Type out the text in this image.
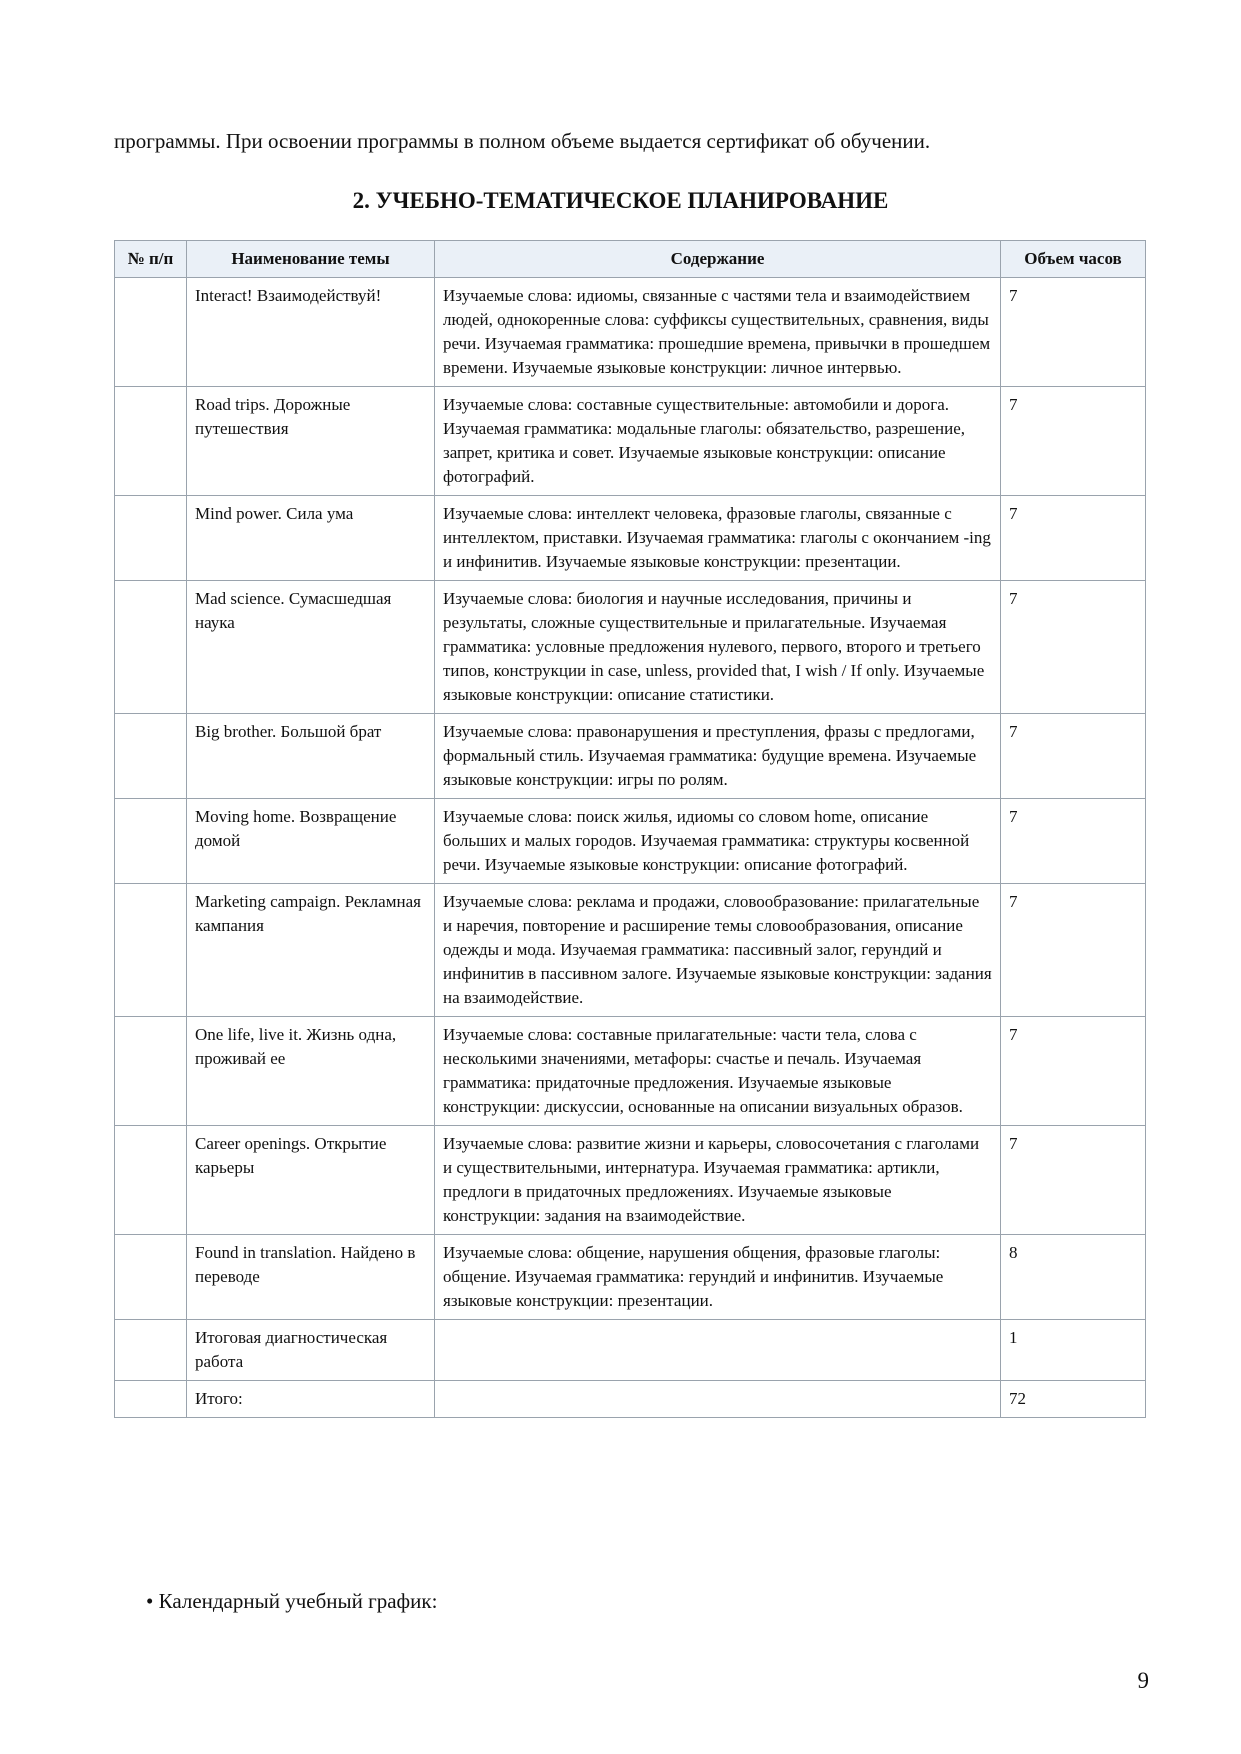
программы. При освоении программы в полном объеме выдается сертификат об обучении.
2. УЧЕБНО-ТЕМАТИЧЕСКОЕ ПЛАНИРОВАНИЕ
№ п/п	Наименование темы	Содержание	Объем часов
	Interact! Взаимодействуй!	Изучаемые слова: идиомы, связанные с частями тела и взаимодействием людей, однокоренные слова: суффиксы существительных, сравнения, виды речи. Изучаемая грамматика: прошедшие времена, привычки в прошедшем времени. Изучаемые языковые конструкции: личное интервью.	7
	Road trips. Дорожные путешествия	Изучаемые слова: составные существительные: автомобили и дорога. Изучаемая грамматика: модальные глаголы: обязательство, разрешение, запрет, критика и совет. Изучаемые языковые конструкции: описание фотографий.	7
	Mind power. Сила ума	Изучаемые слова: интеллект человека, фразовые глаголы, связанные с интеллектом, приставки. Изучаемая грамматика: глаголы с окончанием -ing и инфинитив. Изучаемые языковые конструкции: презентации.	7
	Mad science. Сумасшедшая наука	Изучаемые слова: биология и научные исследования, причины и результаты, сложные существительные и прилагательные. Изучаемая грамматика: условные предложения нулевого, первого, второго и третьего типов, конструкции in case, unless, provided that, I wish / If only. Изучаемые языковые конструкции: описание статистики.	7
	Big brother. Большой брат	Изучаемые слова: правонарушения и преступления, фразы с предлогами, формальный стиль. Изучаемая грамматика: будущие времена. Изучаемые языковые конструкции: игры по ролям.	7
	Moving home. Возвращение домой	Изучаемые слова: поиск жилья, идиомы со словом home, описание больших и малых городов. Изучаемая грамматика: структуры косвенной речи. Изучаемые языковые конструкции: описание фотографий.	7
	Marketing campaign. Рекламная кампания	Изучаемые слова: реклама и продажи, словообразование: прилагательные и наречия, повторение и расширение темы словообразования, описание одежды и мода. Изучаемая грамматика: пассивный залог, герундий и инфинитив в пассивном залоге. Изучаемые языковые конструкции: задания на взаимодействие.	7
	One life, live it. Жизнь одна, проживай ее	Изучаемые слова: составные прилагательные: части тела, слова с несколькими значениями, метафоры: счастье и печаль. Изучаемая грамматика: придаточные предложения. Изучаемые языковые конструкции: дискуссии, основанные на описании визуальных образов.	7
	Career openings. Открытие карьеры	Изучаемые слова: развитие жизни и карьеры, словосочетания с глаголами и существительными, интернатура. Изучаемая грамматика: артикли, предлоги в придаточных предложениях. Изучаемые языковые конструкции: задания на взаимодействие.	7
	Found in translation. Найдено в переводе	Изучаемые слова: общение, нарушения общения, фразовые глаголы: общение. Изучаемая грамматика: герундий и инфинитив. Изучаемые языковые конструкции: презентации.	8
	Итоговая диагностическая работа		1
	Итого:		72
• Календарный учебный график:
9
